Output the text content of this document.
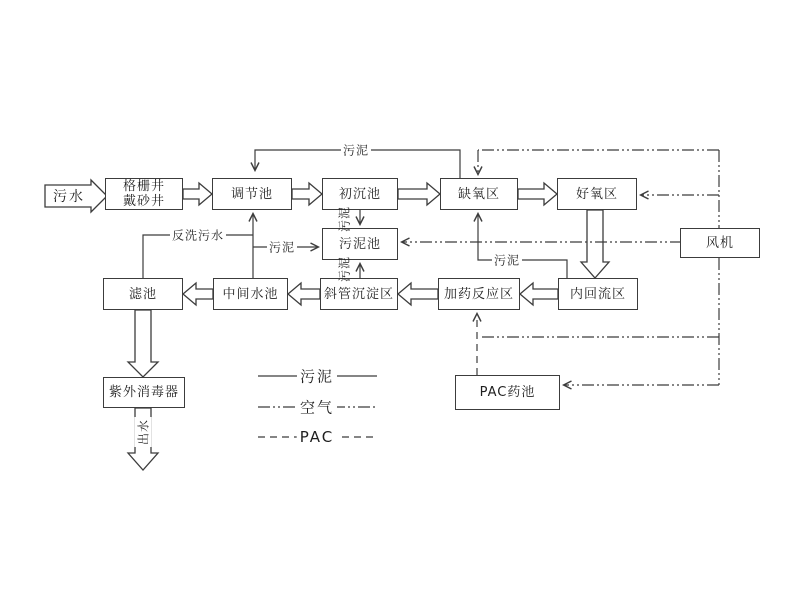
格栅井
戴砂井	调节池	初沉池	缺氧区	好氧区
风机
污泥池
内回流区
加药反应区
斜管沉淀区
中间水池
滤池
紫外消毒器	PAC药池
污水
污泥
污泥
污泥
污泥
污泥
反洗污水
出水
污泥
空气
PAC
